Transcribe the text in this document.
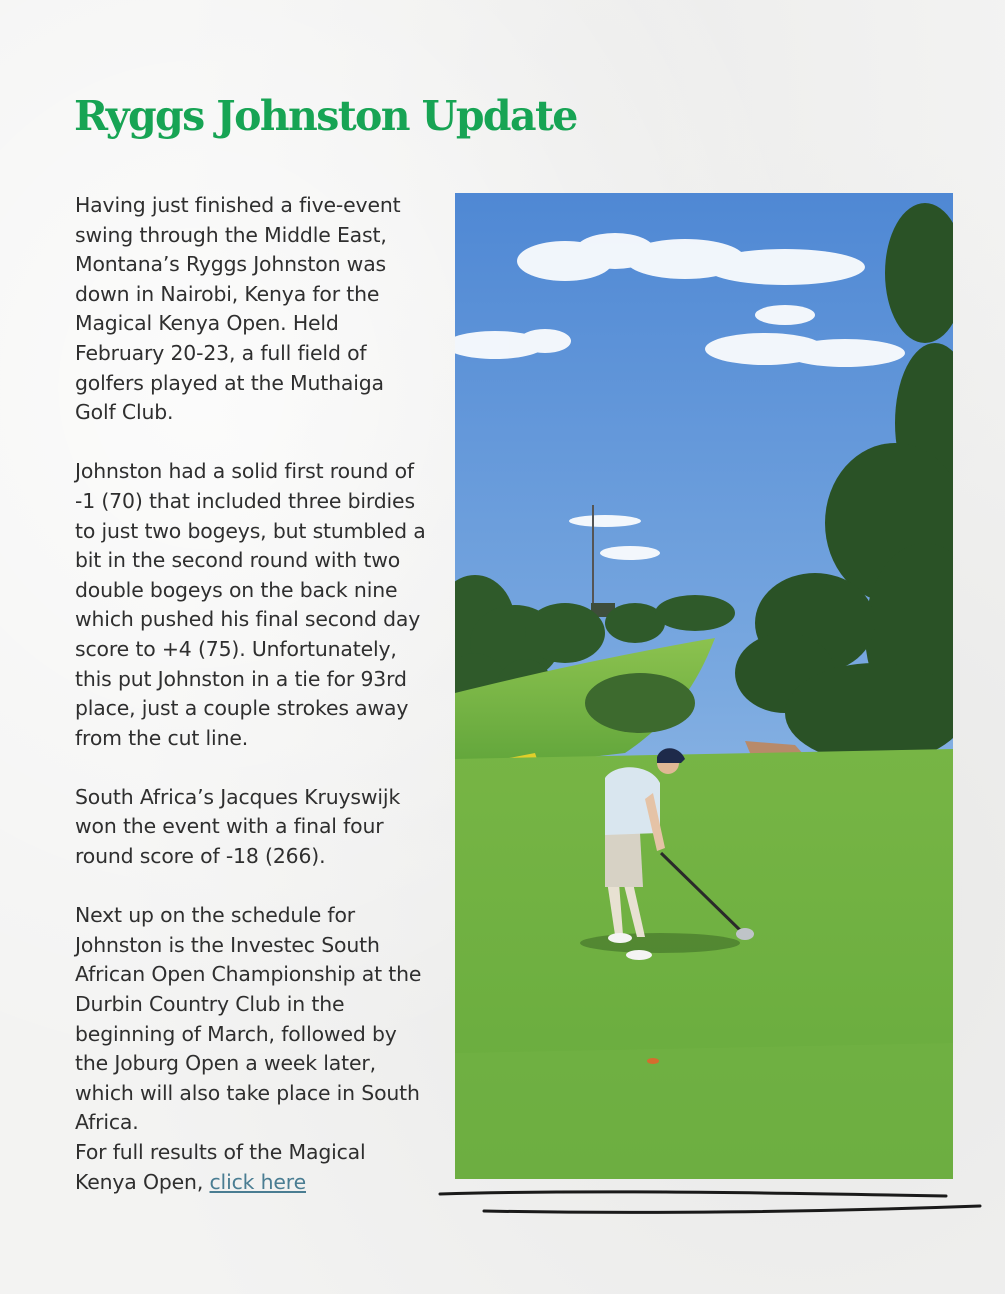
Ryggs Johnston Update

Having just finished a five-event swing through the Middle East, Montana’s Ryggs Johnston was down in Nairobi, Kenya for the Magical Kenya Open. Held February 20-23, a full field of golfers played at the Muthaiga Golf Club.

Johnston had a solid first round of -1 (70) that included three birdies to just two bogeys, but stumbled a bit in the second round with two double bogeys on the back nine which pushed his final second day score to +4 (75). Unfortunately, this put Johnston in a tie for 93rd place, just a couple strokes away from the cut line.

South Africa’s Jacques Kruyswijk won the event with a final four round score of -18 (266).

Next up on the schedule for Johnston is the Investec South African Open Championship at the Durbin Country Club in the beginning of March, followed by the Joburg Open a week later, which will also take place in South Africa.

For full results of the Magical Kenya Open, click here
